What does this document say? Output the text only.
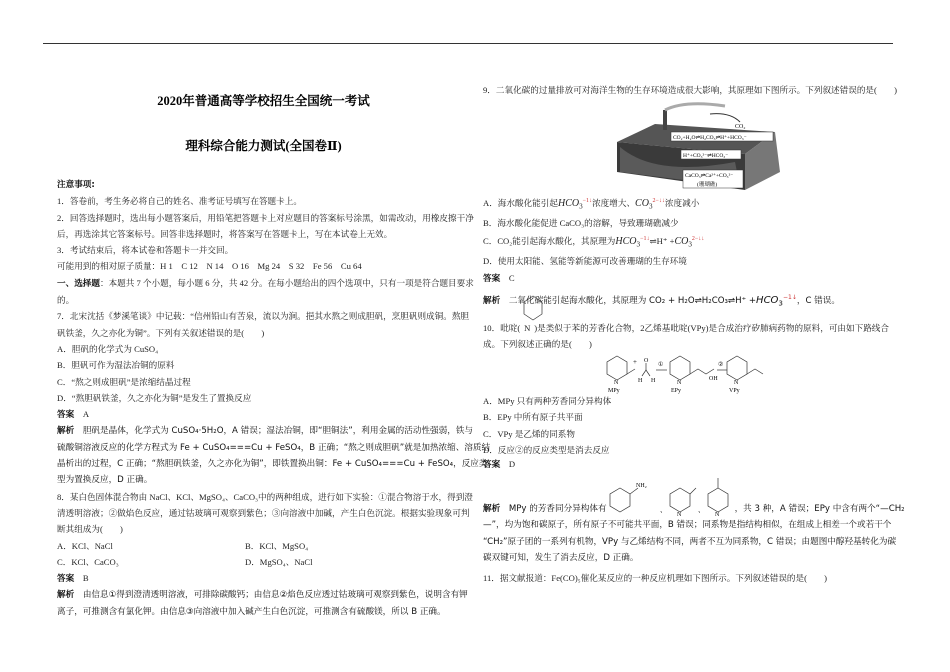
2020年普通高等学校招生全国统一考试
理科综合能力测试(全国卷Ⅱ)
注意事项:
1．答卷前，考生务必将自己的姓名、准考证号填写在答题卡上。
2．回答选择题时，选出每小题答案后，用铅笔把答题卡上对应题目的答案标号涂黑，如需改动，用橡皮擦干净
后，再选涂其它答案标号。回答非选择题时，将答案写在答题卡上，写在本试卷上无效。
3．考试结束后，将本试卷和答题卡一并交回。
可能用到的相对原子质量：H 1　C 12　N 14　O 16　Mg 24　S 32　Fe 56　Cu 64
一、选择题：本题共 7 个小题，每小题 6 分，共 42 分。在每小题给出的四个选项中，只有一项是符合题目要求
的。
7．北宋沈括《梦溪笔谈》中记载：“信州铅山有苦泉，流以为涧。挹其水熬之则成胆矾，烹胆矾则成铜。熬胆
矾铁釜，久之亦化为铜”。下列有关叙述错误的是(　　)
A．胆矾的化学式为 CuSO₄
B．胆矾可作为湿法冶铜的原料
C．“熬之则成胆矾”是浓缩结晶过程
D．“熬胆矾铁釜，久之亦化为铜”是发生了置换反应
答案　 A
解析　 胆矾是晶体，化学式为 CuSO₄·5H₂O，A 错误；湿法冶铜，即“胆铜法”，利用金属的活动性强弱，铁与
硫酸铜溶液反应的化学方程式为 Fe + CuSO₄===Cu + FeSO₄，B 正确；“熬之则成胆矾”就是加热浓缩、溶质结
晶析出的过程，C 正确；“熬胆矾铁釜，久之亦化为铜”，即铁置换出铜：Fe + CuSO₄===Cu + FeSO₄，反应类
型为置换反应，D 正确。
8．某白色固体混合物由 NaCl、KCl、MgSO₄、CaCO₃中的两种组成，进行如下实验：①混合物溶于水，得到澄
清透明溶液；②做焰色反应，通过钴玻璃可观察到紫色；③向溶液中加碱，产生白色沉淀。根据实验现象可判
断其组成为(　　)
A．KCl、NaCl	B．KCl、MgSO₄
C．KCl、CaCO₃	D．MgSO₄、NaCl
答案　 B
解析　 由信息①得到澄清透明溶液，可排除碳酸钙；由信息②焰色反应透过钴玻璃可观察到紫色，说明含有钾
离子，可推测含有氯化钾。由信息③向溶液中加入碱产生白色沉淀，可推测含有硫酸镁，所以 B 正确。
9．二氧化碳的过量排放可对海洋生物的生存环境造成很大影响，其原理如下图所示。下列叙述错误的是(　　)
CO₂
CO₂+H₂O⇌H₂CO₃⇌H⁺+HCO₃⁻
H⁺+CO₃²⁻⇌HCO₃⁻
CaCO₃⇌Ca²⁺+CO₃²⁻
(珊瑚礁)
A．海水酸化能引起$HCO_3^{-1↓}$浓度增大、$CO_3^{2-↓↓}$浓度减小
B．海水酸化能促进 CaCO₃的溶解，导致珊瑚礁减少
C．CO₂能引起海水酸化，其原理为$HCO_3^{-1↓}\rightleftharpoons H^+ +CO_3^{2-↓↓}$
D．使用太阳能、氢能等新能源可改善珊瑚的生存环境
答案　 C
解析　 二氧化碳能引起海水酸化，其原理为 CO₂ + H₂O⇌H₂CO₃⇌H⁺ $+HCO_3^{-1↓}$，C 错误。
10．吡啶( N )是类似于苯的芳香化合物，2乙烯基吡啶(VPy)是合成治疗矽肺病药物的原料，可由如下路线合
成。下列叙述正确的是(　　)
N	N	N
+ O
H H
①	②
OH
MPy	EPy	VPy
A．MPy 只有两种芳香同分异构体
B．EPy 中所有原子共平面
C．VPy 是乙烯的同系物
D．反应②的反应类型是消去反应
答案　 D
NH₂
N	N
、	、
解析　 MPy 的芳香同分异构体有	，共 3 种，A 错误；EPy 中含有两个“—CH₂
—”，均为饱和碳原子，所有原子不可能共平面，B 错误；同系物是指结构相似，在组成上相差一个或若干个
“CH₂”原子团的一系列有机物，VPy 与乙烯结构不同，两者不互为同系物，C 错误；由题图中醇羟基转化为碳
碳双键可知，发生了消去反应，D 正确。
11．据文献报道：Fe(CO)₅催化某反应的一种反应机理如下图所示。下列叙述错误的是(　　)
